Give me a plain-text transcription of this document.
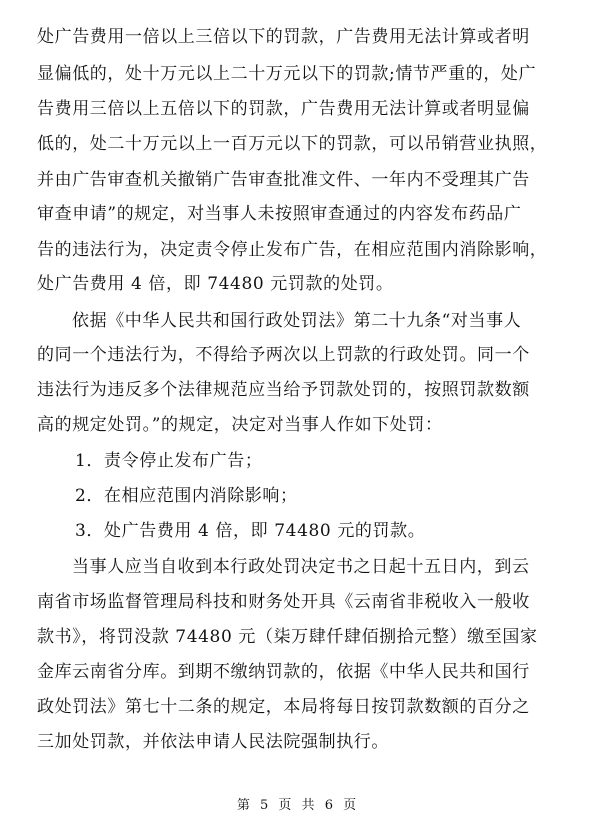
处广告费用一倍以上三倍以下的罚款，广告费用无法计算或者明
显偏低的，处十万元以上二十万元以下的罚款;情节严重的，处广
告费用三倍以上五倍以下的罚款，广告费用无法计算或者明显偏
低的，处二十万元以上一百万元以下的罚款，可以吊销营业执照，
并由广告审查机关撤销广告审查批准文件、一年内不受理其广告
审查申请”的规定，对当事人未按照审查通过的内容发布药品广
告的违法行为，决定责令停止发布广告，在相应范围内消除影响，
处广告费用 4 倍，即 74480 元罚款的处罚。
依据《中华人民共和国行政处罚法》第二十九条“对当事人
的同一个违法行为，不得给予两次以上罚款的行政处罚。同一个
违法行为违反多个法律规范应当给予罚款处罚的，按照罚款数额
高的规定处罚。”的规定，决定对当事人作如下处罚：
1．责令停止发布广告；
2．在相应范围内消除影响；
3．处广告费用 4 倍，即 74480 元的罚款。
当事人应当自收到本行政处罚决定书之日起十五日内，到云
南省市场监督管理局科技和财务处开具《云南省非税收入一般收
款书》，将罚没款 74480 元（柒万肆仟肆佰捌拾元整）缴至国家
金库云南省分库。到期不缴纳罚款的，依据《中华人民共和国行
政处罚法》第七十二条的规定，本局将每日按罚款数额的百分之
三加处罚款，并依法申请人民法院强制执行。
第 5 页 共 6 页
